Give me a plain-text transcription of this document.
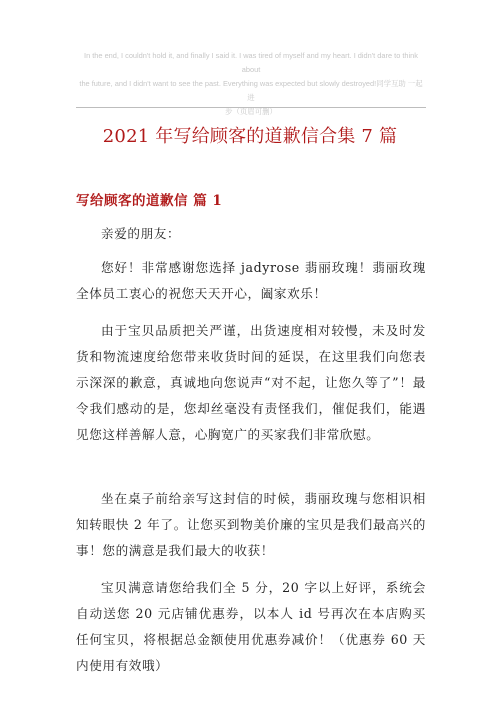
In the end, I couldn't hold it, and finally I said it. I was tired of myself and my heart. I didn't dare to think about
the future, and I didn't want to see the past. Everything was expected but slowly destroyed!同学互助 一起进
步（页眉可删）
2021 年写给顾客的道歉信合集 7 篇
写给顾客的道歉信 篇 1
亲爱的朋友：
您好！非常感谢您选择 jadyrose 翡丽玫瑰！翡丽玫瑰全体员工衷心的祝您天天开心，阖家欢乐！
由于宝贝品质把关严谨，出货速度相对较慢，未及时发货和物流速度给您带来收货时间的延误，在这里我们向您表示深深的歉意，真诚地向您说声“对不起，让您久等了”！最令我们感动的是，您却丝毫没有责怪我们，催促我们，能遇见您这样善解人意，心胸宽广的买家我们非常欣慰。
坐在桌子前给亲写这封信的时候，翡丽玫瑰与您相识相知转眼快 2 年了。让您买到物美价廉的宝贝是我们最高兴的事！您的满意是我们最大的收获！
宝贝满意请您给我们全 5 分，20 字以上好评，系统会自动送您 20 元店铺优惠券，以本人 id 号再次在本店购买任何宝贝，将根据总金额使用优惠券减价！（优惠券 60 天内使用有效哦）
